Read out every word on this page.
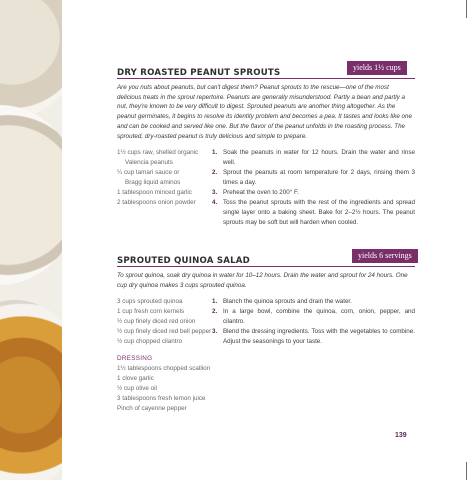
yields 1½ cups
DRY ROASTED PEANUT SPROUTS
Are you nuts about peanuts, but can't digest them? Peanut sprouts to the rescue—one of the most delicious treats in the sprout repertoire. Peanuts are generally misunderstood. Partly a bean and partly a nut, they're known to be very difficult to digest. Sprouted peanuts are another thing altogether. As the peanut germinates, it begins to resolve its identity problem and becomes a pea. It tastes and looks like one and can be cooked and served like one. But the flavor of the peanut unfolds in the roasting process. The sprouted, dry-roasted peanut is truly delicious and simple to prepare.
1½ cups raw, shelled organic
Valencia peanuts
¼ cup tamari sauce or
Bragg liquid aminos
1 tablespoon minced garlic
2 tablespoons onion powder
1. Soak the peanuts in water for 12 hours. Drain the water and rinse well.
2. Sprout the peanuts at room temperature for 2 days, rinsing them 3 times a day.
3. Preheat the oven to 200° F.
4. Toss the peanut sprouts with the rest of the ingredients and spread single layer onto a baking sheet. Bake for 2–2½ hours. The peanut sprouts may be soft but will harden when cooled.
yields 6 servings
SPROUTED QUINOA SALAD
To sprout quinoa, soak dry quinoa in water for 10–12 hours. Drain the water and sprout for 24 hours. One cup dry quinoa makes 3 cups sprouted quinoa.
3 cups sprouted quinoa
1 cup fresh corn kernels
½ cup finely diced red onion
½ cup finely diced red bell pepper
½ cup chopped cilantro
DRESSING
1½ tablespoons chopped scallion
1 clove garlic
½ cup olive oil
3 tablespoons fresh lemon juice
Pinch of cayenne pepper
1. Blanch the quinoa sprouts and drain the water.
2. In a large bowl, combine the quinoa, corn, onion, pepper, and cilantro.
3. Blend the dressing ingredients. Toss with the vegetables to combine. Adjust the seasonings to your taste.
139
